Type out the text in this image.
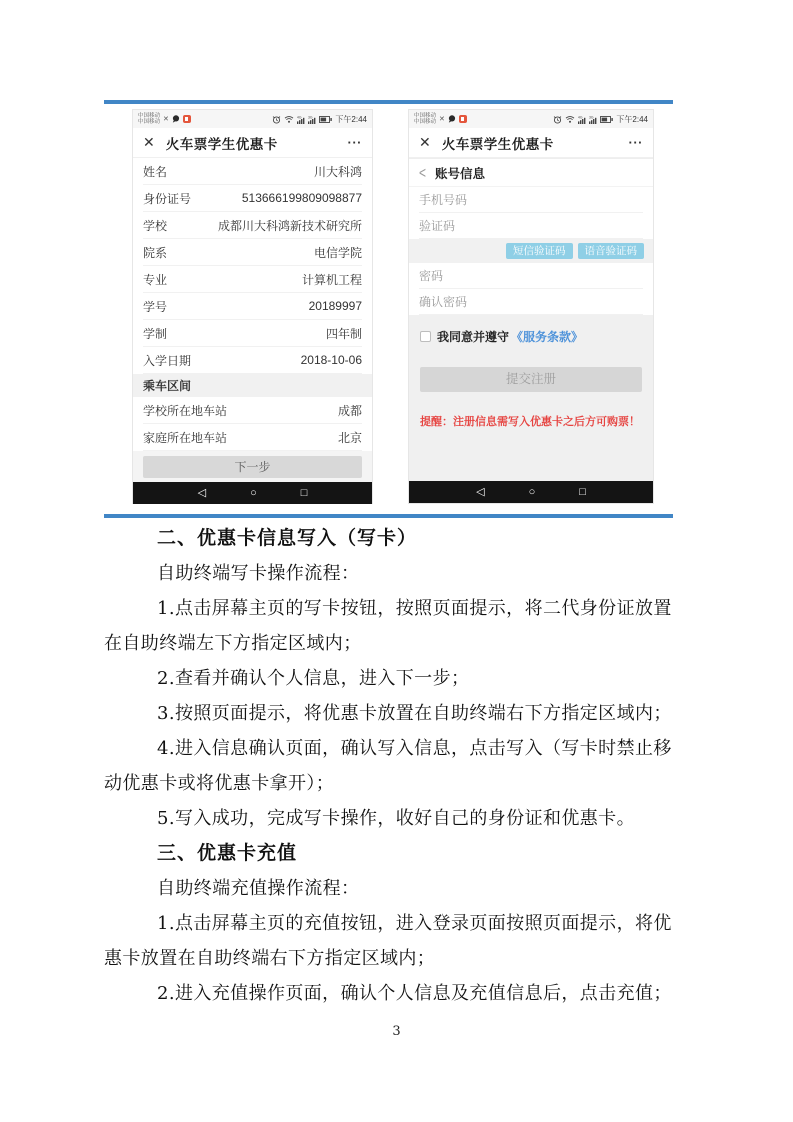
中国移动
中国移动 ✕	4G 3G	下午2:44
✕ 火车票学生优惠卡	···
姓名	川大科鸿
身份证号	513666199809098877
学校	成都川大科鸿新技术研究所
院系	电信学院
专业	计算机工程
学号	20189997
学制	四年制
入学日期	2018-10-06
乘车区间
学校所在地车站	成都
家庭所在地车站	北京
下一步
◁	○	□
中国移动
中国移动 ✕	4G 3G	下午2:44
✕ 火车票学生优惠卡	···
< 账号信息
手机号码
验证码
短信验证码	语音验证码
密码
确认密码
我同意并遵守 《服务条款》
提交注册
提醒：注册信息需写入优惠卡之后方可购票！
◁	○	□
二、优惠卡信息写入（写卡）
自助终端写卡操作流程：
1.点击屏幕主页的写卡按钮，按照页面提示，将二代身份证放置
在自助终端左下方指定区域内；
2.查看并确认个人信息，进入下一步；
3.按照页面提示，将优惠卡放置在自助终端右下方指定区域内；
4.进入信息确认页面，确认写入信息，点击写入（写卡时禁止移
动优惠卡或将优惠卡拿开）；
5.写入成功，完成写卡操作，收好自己的身份证和优惠卡。
三、优惠卡充值
自助终端充值操作流程：
1.点击屏幕主页的充值按钮，进入登录页面按照页面提示，将优
惠卡放置在自助终端右下方指定区域内；
2.进入充值操作页面，确认个人信息及充值信息后，点击充值；
3
